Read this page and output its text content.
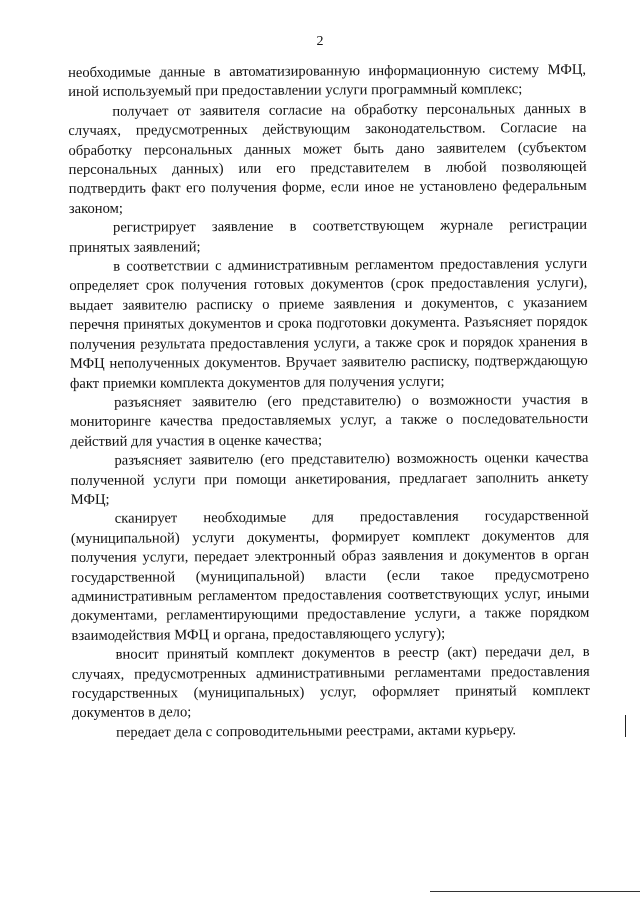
2

необходимые данные в автоматизированную информационную систему МФЦ, иной используемый при предоставлении услуги программный комплекс;

получает от заявителя согласие на обработку персональных данных в случаях, предусмотренных действующим законодательством. Согласие на обработку персональных данных может быть дано заявителем (субъектом персональных данных) или его представителем в любой позволяющей подтвердить факт его получения форме, если иное не установлено федеральным законом;

регистрирует заявление в соответствующем журнале регистрации принятых заявлений;

в соответствии с административным регламентом предоставления услуги определяет срок получения готовых документов (срок предоставления услуги), выдает заявителю расписку о приеме заявления и документов, с указанием перечня принятых документов и срока подготовки документа. Разъясняет порядок получения результата предоставления услуги, а также срок и порядок хранения в МФЦ неполученных документов. Вручает заявителю расписку, подтверждающую факт приемки комплекта документов для получения услуги;

разъясняет заявителю (его представителю) о возможности участия в мониторинге качества предоставляемых услуг, а также о последовательности действий для участия в оценке качества;

разъясняет заявителю (его представителю) возможность оценки качества полученной услуги при помощи анкетирования, предлагает заполнить анкету МФЦ;

сканирует необходимые для предоставления государственной (муниципальной) услуги документы, формирует комплект документов для получения услуги, передает электронный образ заявления и документов в орган государственной (муниципальной) власти (если такое предусмотрено административным регламентом предоставления соответствующих услуг, иными документами, регламентирующими предоставление услуги, а также порядком взаимодействия МФЦ и органа, предоставляющего услугу);

вносит принятый комплект документов в реестр (акт) передачи дел, в случаях, предусмотренных административными регламентами предоставления государственных (муниципальных) услуг, оформляет принятый комплект документов в дело;

передает дела с сопроводительными реестрами, актами курьеру.
